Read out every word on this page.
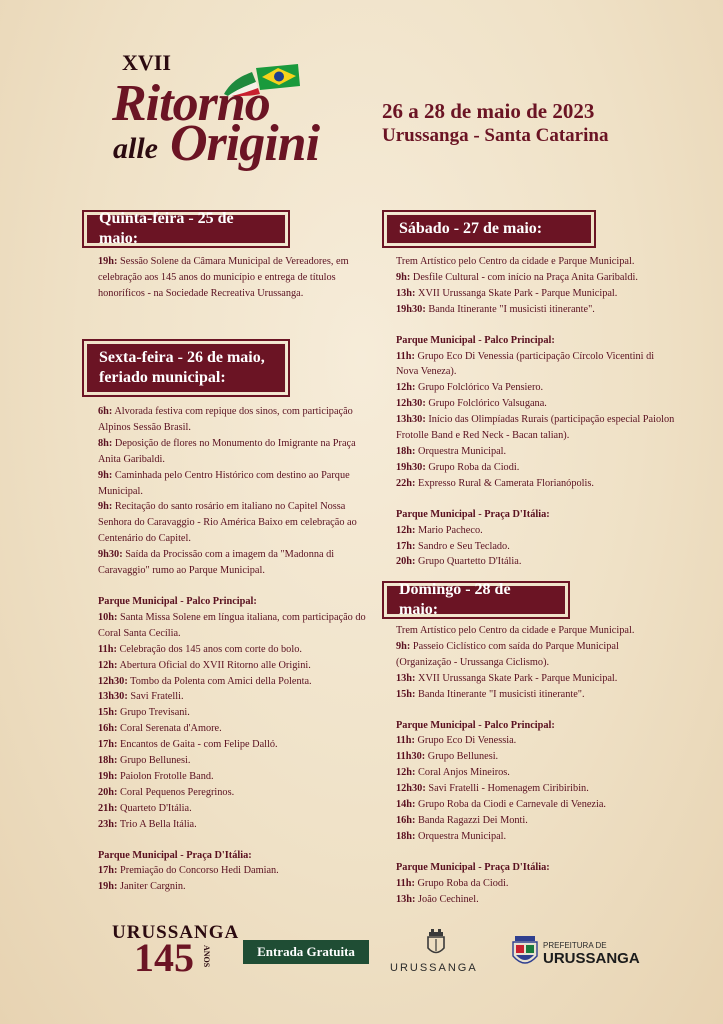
XVII
Ritorno
alle Origini
26 a 28 de maio de 2023
Urussanga - Santa Catarina
Quinta-feira - 25 de maio:
19h: Sessão Solene da Câmara Municipal de Vereadores, em celebração aos 145 anos do município e entrega de títulos honoríficos - na Sociedade Recreativa Urussanga.
Sexta-feira - 26 de maio,
feriado municipal:
6h: Alvorada festiva com repique dos sinos, com participação Alpinos Sessão Brasil.
8h: Deposição de flores no Monumento do Imigrante na Praça Anita Garibaldi.
9h: Caminhada pelo Centro Histórico com destino ao Parque Municipal.
9h: Recitação do santo rosário em italiano no Capitel Nossa Senhora do Caravaggio - Rio América Baixo em celebração ao Centenário do Capitel.
9h30: Saída da Procissão com a imagem da "Madonna di Caravaggio" rumo ao Parque Municipal.
Parque Municipal - Palco Principal:
10h: Santa Missa Solene em língua italiana, com participação do Coral Santa Cecília.
11h: Celebração dos 145 anos com corte do bolo.
12h: Abertura Oficial do XVII Ritorno alle Origini.
12h30: Tombo da Polenta com Amici della Polenta.
13h30: Savi Fratelli.
15h: Grupo Trevisani.
16h: Coral Serenata d'Amore.
17h: Encantos de Gaita - com Felipe Dalló.
18h: Grupo Bellunesi.
19h: Paiolon Frotolle Band.
20h: Coral Pequenos Peregrinos.
21h: Quarteto D'Itália.
23h: Trio A Bella Itália.
Parque Municipal - Praça D'Itália:
17h: Premiação do Concorso Hedi Damian.
19h: Janiter Cargnin.
Sábado - 27 de maio:
Trem Artístico pelo Centro da cidade e Parque Municipal.
9h: Desfile Cultural - com início na Praça Anita Garibaldi.
13h: XVII Urussanga Skate Park - Parque Municipal.
19h30: Banda Itinerante "I musicisti itinerante".
Parque Municipal - Palco Principal:
11h: Grupo Eco Di Venessia (participação Círcolo Vicentini di Nova Veneza).
12h: Grupo Folclórico Va Pensiero.
12h30: Grupo Folclórico Valsugana.
13h30: Início das Olimpíadas Rurais (participação especial Paiolon Frotolle Band e Red Neck - Bacan talian).
18h: Orquestra Municipal.
19h30: Grupo Roba da Ciodi.
22h: Expresso Rural & Camerata Florianópolis.
Parque Municipal - Praça D'Itália:
12h: Mario Pacheco.
17h: Sandro e Seu Teclado.
20h: Grupo Quartetto D'Itália.
Domingo - 28 de maio:
Trem Artístico pelo Centro da cidade e Parque Municipal.
9h: Passeio Ciclístico com saída do Parque Municipal (Organização - Urussanga Ciclismo).
13h: XVII Urussanga Skate Park - Parque Municipal.
15h: Banda Itinerante "I musicisti itinerante".
Parque Municipal - Palco Principal:
11h: Grupo Eco Di Venessia.
11h30: Grupo Bellunesi.
12h: Coral Anjos Mineiros.
12h30: Savi Fratelli - Homenagem Ciribiribin.
14h: Grupo Roba da Ciodi e Carnevale di Venezia.
16h: Banda Ragazzi Dei Monti.
18h: Orquestra Municipal.
Parque Municipal - Praça D'Itália:
11h: Grupo Roba da Ciodi.
13h: João Cechinel.
URUSSANGA
145 ANOS	Entrada Gratuita
URUSSANGA
PREFEITURA DE
URUSSANGA
